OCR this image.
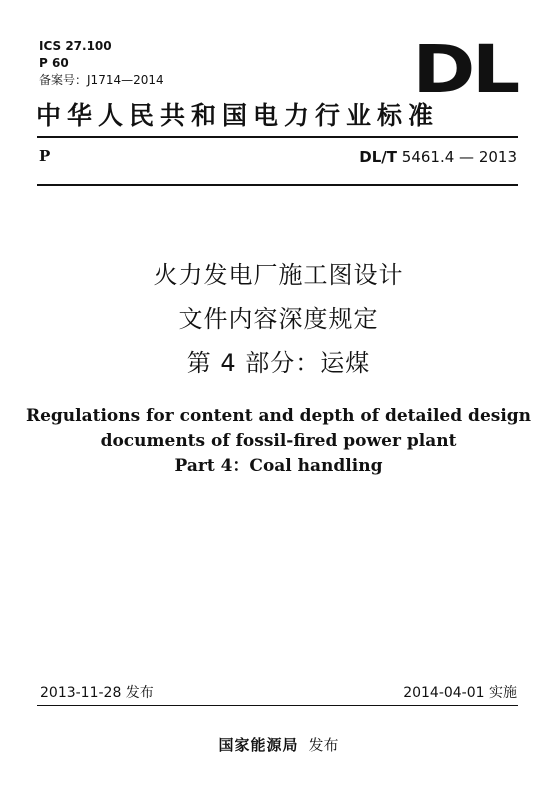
ICS 27.100
P 60
备案号：J1714—2014	DL
中华人民共和国电力行业标准
P	DL/T 5461.4 — 2013
火力发电厂施工图设计
文件内容深度规定
第 4 部分：运煤
Regulations for content and depth of detailed design
documents of fossil-fired power plant
Part 4：Coal handling
2013-11-28 发布	2014-04-01 实施
国家能源局 发布
